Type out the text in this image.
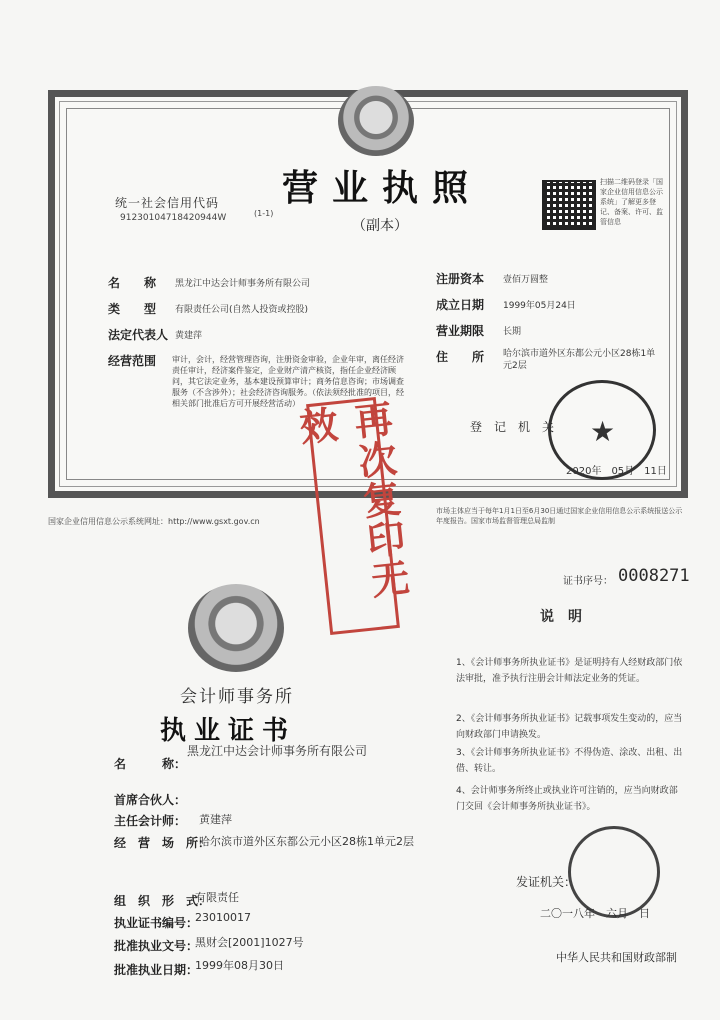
营业执照
（副本）
统一社会信用代码
91230104718420944W	(1-1)
扫描二维码登录「国家企业信用信息公示系统」了解更多登记、备案、许可、监管信息
名　　称 黑龙江中达会计师事务所有限公司
类　　型 有限责任公司(自然人投资或控股)
法定代表人 黄建萍
经营范围 审计，会计，经营管理咨询，注册资金审验，企业年审，离任经济责任审计，经济案件鉴定，企业财产清产核资，指任企业经济顾问，其它法定业务，基本建设预算审计；商务信息咨询；市场调查服务（不含涉外）；社会经济咨询服务。（依法须经批准的项目，经相关部门批准后方可开展经营活动）
注册资本 壹佰万圆整
成立日期 1999年05月24日
营业期限 长期
住　　所 哈尔滨市道外区东都公元小区28栋1单元2层
登　记　机　关 ★
2020年　05月　11日
国家企业信用信息公示系统网址：http://www.gsxt.gov.cn
市场主体应当于每年1月1日至6月30日通过国家企业信用信息公示系统报送公示年度报告。国家市场监督管理总局监制
再次复印无效
证书序号： 0008271
会计师事务所
执业证书
名　　　称：
黑龙江中达会计师事务所有限公司
首席合伙人：
主任会计师： 黄建萍
经　营　场　所：
哈尔滨市道外区东都公元小区28栋1单元2层
组　织　形　式：
有限责任
执业证书编号：
23010017
批准执业文号：
黑财会[2001]1027号
批准执业日期：
1999年08月30日
说　明
1、《会计师事务所执业证书》是证明持有人经财政部门依法审批，准予执行注册会计师法定业务的凭证。
2、《会计师事务所执业证书》记载事项发生变动的，应当向财政部门申请换发。
3、《会计师事务所执业证书》不得伪造、涂改、出租、出借、转让。
4、会计师事务所终止或执业许可注销的，应当向财政部门交回《会计师事务所执业证书》。
发证机关：
二〇一八年　六月　日
中华人民共和国财政部制
